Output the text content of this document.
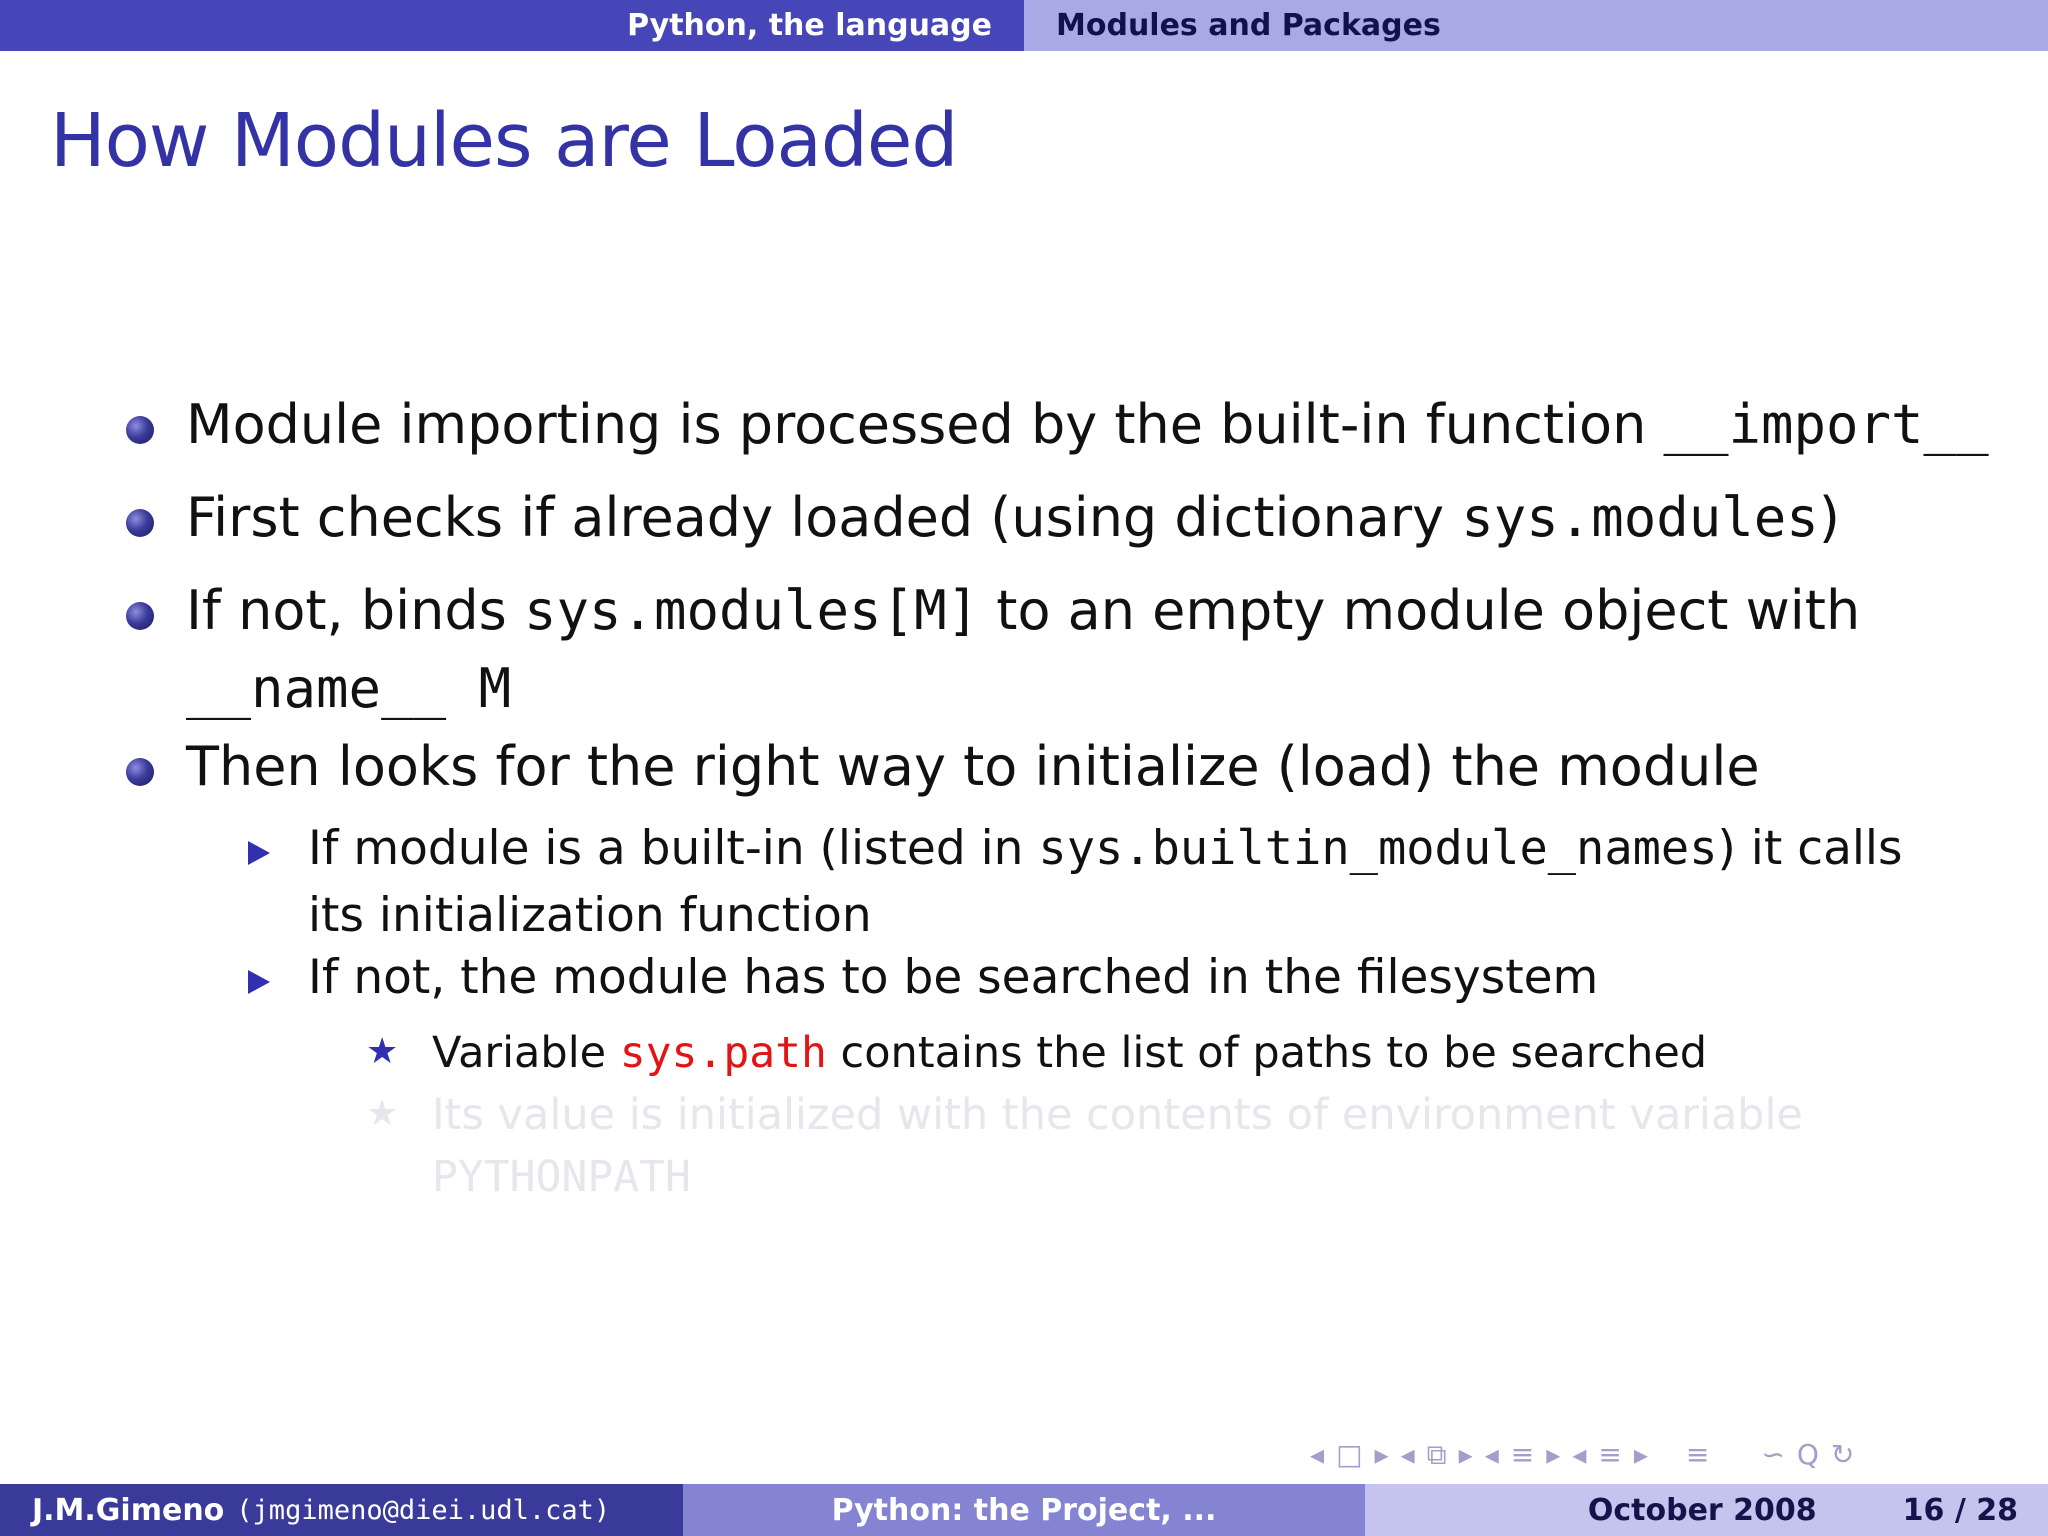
Python, the language Modules and Packages
How Modules are Loaded
Module importing is processed by the built-in function __import__
First checks if already loaded (using dictionary sys.modules)
If not, binds sys.modules[M] to an empty module object with
__name__ M
Then looks for the right way to initialize (load) the module
If module is a built-in (listed in sys.builtin_module_names) it calls
its initialization function
If not, the module has to be searched in the filesystem
★ Variable sys.path contains the list of paths to be searched
★ Its value is initialized with the contents of environment variable
PYTHONPATH
◂ □ ▸ ◂ ⧉ ▸ ◂ ≡ ▸ ◂ ≡ ▸ ≡ ∽ Q ↻
J.M.Gimeno (jmgimeno@diei.udl.cat)	Python: the Project, ...	October 2008	16 / 28
